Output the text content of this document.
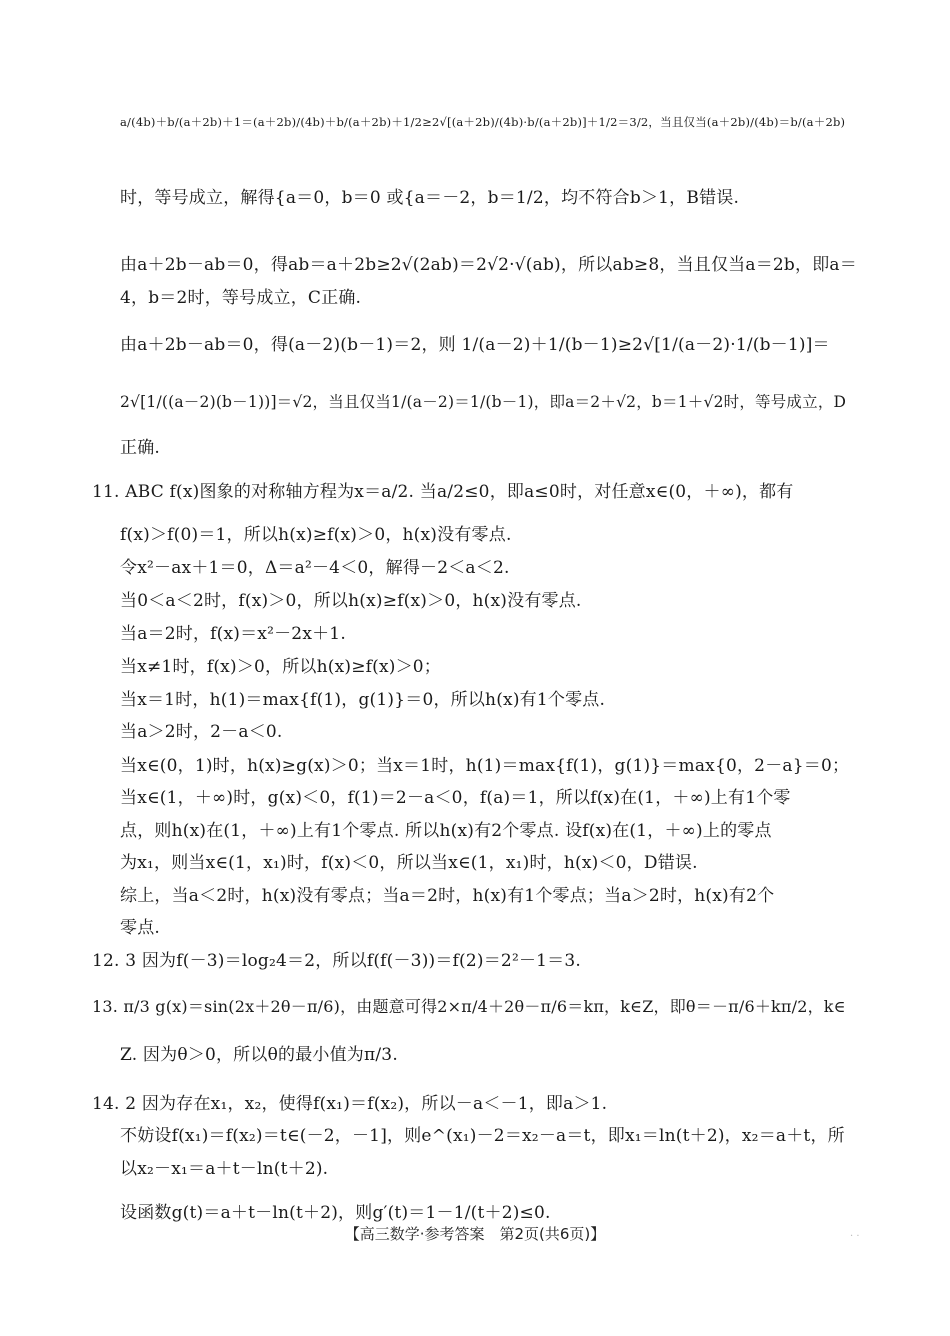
a/(4b)＋b/(a＋2b)＋1＝(a＋2b)/(4b)＋b/(a＋2b)＋1/2≥2√[(a＋2b)/(4b)·b/(a＋2b)]＋1/2＝3/2，当且仅当(a＋2b)/(4b)＝b/(a＋2b)
时，等号成立，解得{a＝0，b＝0 或{a＝－2，b＝1/2，均不符合b＞1，B错误.
由a＋2b－ab＝0，得ab＝a＋2b≥2√(2ab)＝2√2·√(ab)，所以ab≥8，当且仅当a＝2b，即a＝
4，b＝2时，等号成立，C正确.
由a＋2b－ab＝0，得(a－2)(b－1)＝2，则 1/(a－2)＋1/(b－1)≥2√[1/(a－2)·1/(b－1)]＝
2√[1/((a－2)(b－1))]＝√2，当且仅当1/(a－2)＝1/(b－1)，即a＝2＋√2，b＝1＋√2时，等号成立，D
正确.
11. ABC f(x)图象的对称轴方程为x＝a/2. 当a/2≤0，即a≤0时，对任意x∈(0，＋∞)，都有
f(x)＞f(0)＝1，所以h(x)≥f(x)＞0，h(x)没有零点.
令x²－ax＋1＝0，Δ＝a²－4＜0，解得－2＜a＜2.
当0＜a＜2时，f(x)＞0，所以h(x)≥f(x)＞0，h(x)没有零点.
当a＝2时，f(x)＝x²－2x＋1.
当x≠1时，f(x)＞0，所以h(x)≥f(x)＞0；
当x＝1时，h(1)＝max{f(1)，g(1)}＝0，所以h(x)有1个零点.
当a＞2时，2－a＜0.
当x∈(0，1)时，h(x)≥g(x)＞0；当x＝1时，h(1)＝max{f(1)，g(1)}＝max{0，2－a}＝0；
当x∈(1，＋∞)时，g(x)＜0，f(1)＝2－a＜0，f(a)＝1，所以f(x)在(1，＋∞)上有1个零
点，则h(x)在(1，＋∞)上有1个零点. 所以h(x)有2个零点. 设f(x)在(1，＋∞)上的零点
为x₁，则当x∈(1，x₁)时，f(x)＜0，所以当x∈(1，x₁)时，h(x)＜0，D错误.
综上，当a＜2时，h(x)没有零点；当a＝2时，h(x)有1个零点；当a＞2时，h(x)有2个
零点.
12. 3 因为f(－3)＝log₂4＝2，所以f(f(－3))＝f(2)＝2²－1＝3.
13. π/3 g(x)＝sin(2x＋2θ－π/6)，由题意可得2×π/4＋2θ－π/6＝kπ，k∈Z，即θ＝－π/6＋kπ/2，k∈
Z. 因为θ＞0，所以θ的最小值为π/3.
14. 2 因为存在x₁，x₂，使得f(x₁)＝f(x₂)，所以－a＜－1，即a＞1.
不妨设f(x₁)＝f(x₂)＝t∈(－2，－1]，则e^(x₁)－2＝x₂－a＝t，即x₁＝ln(t＋2)，x₂＝a＋t，所
以x₂－x₁＝a＋t－ln(t＋2).
设函数g(t)＝a＋t－ln(t＋2)，则g′(t)＝1－1/(t＋2)≤0.
【高三数学·参考答案　第2页(共6页)】	· ·
